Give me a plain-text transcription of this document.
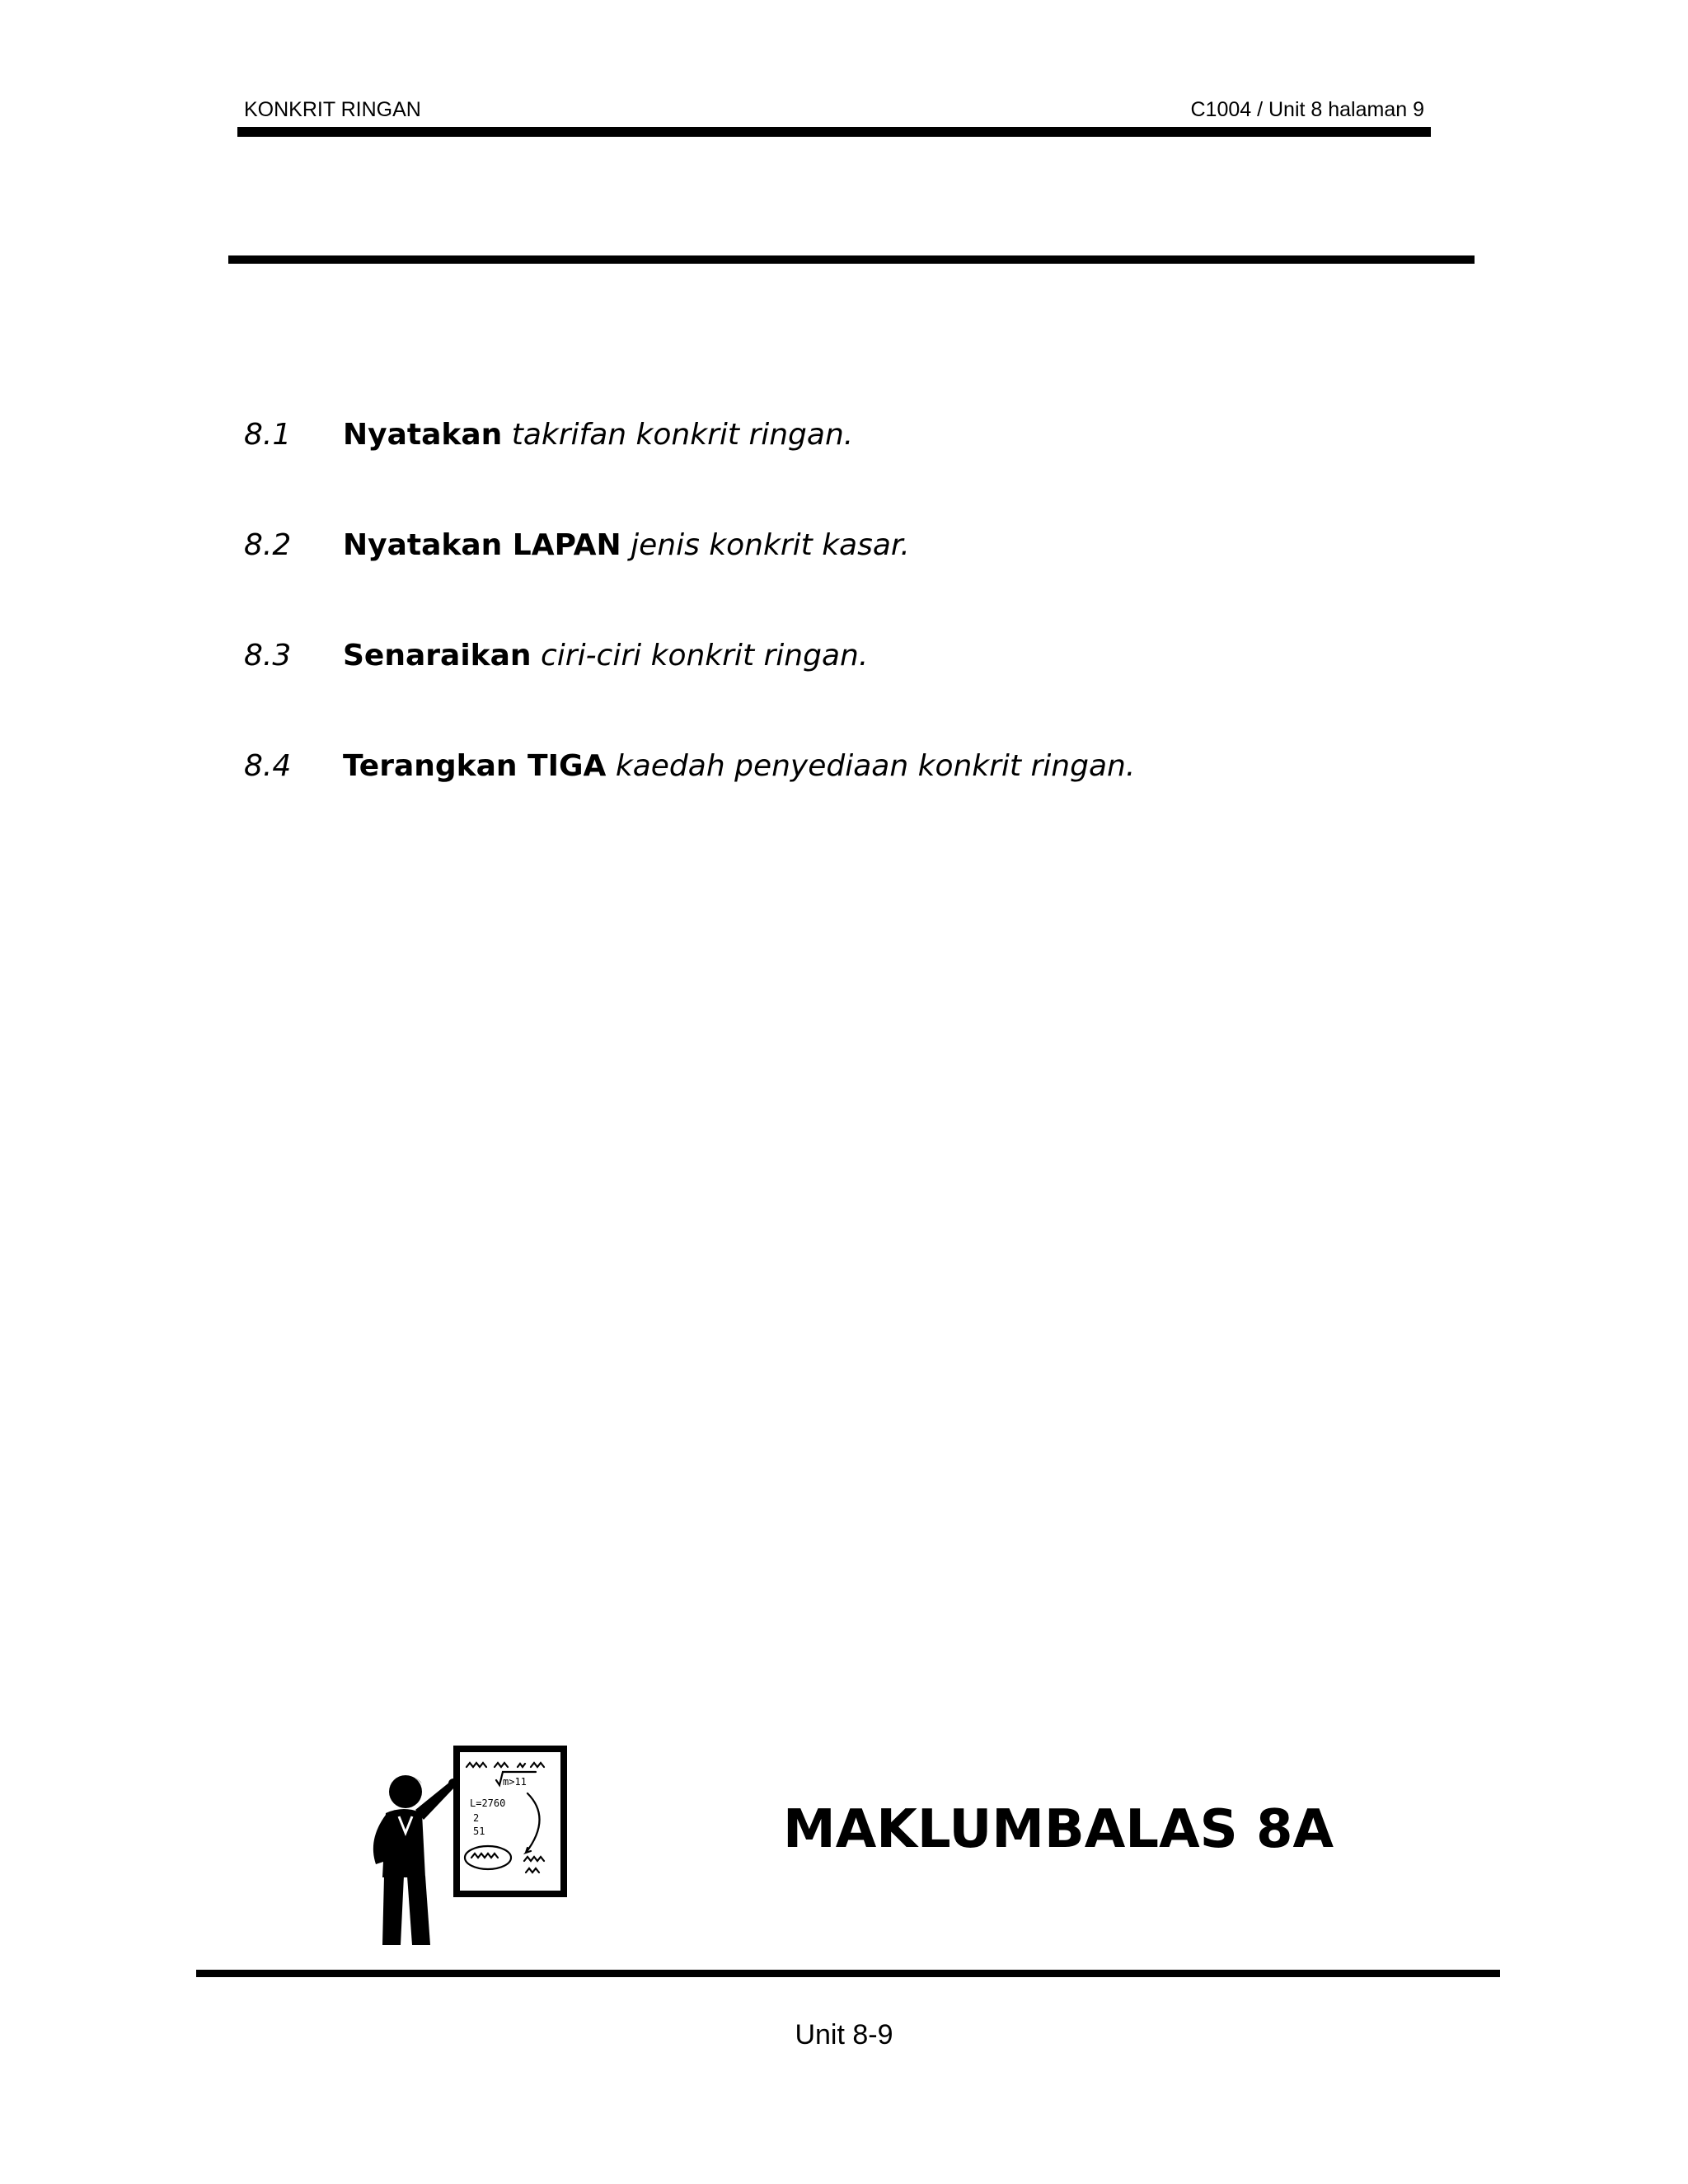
KONKRIT RINGAN	C1004 / Unit 8 halaman 9
8.1 Nyatakan takrifan konkrit ringan.
8.2 Nyatakan LAPAN jenis konkrit kasar.
8.3 Senaraikan ciri-ciri konkrit ringan.
8.4 Terangkan TIGA kaedah penyediaan konkrit ringan.
m>11
L=2760
2
51	MAKLUMBALAS 8A
Unit 8-9
